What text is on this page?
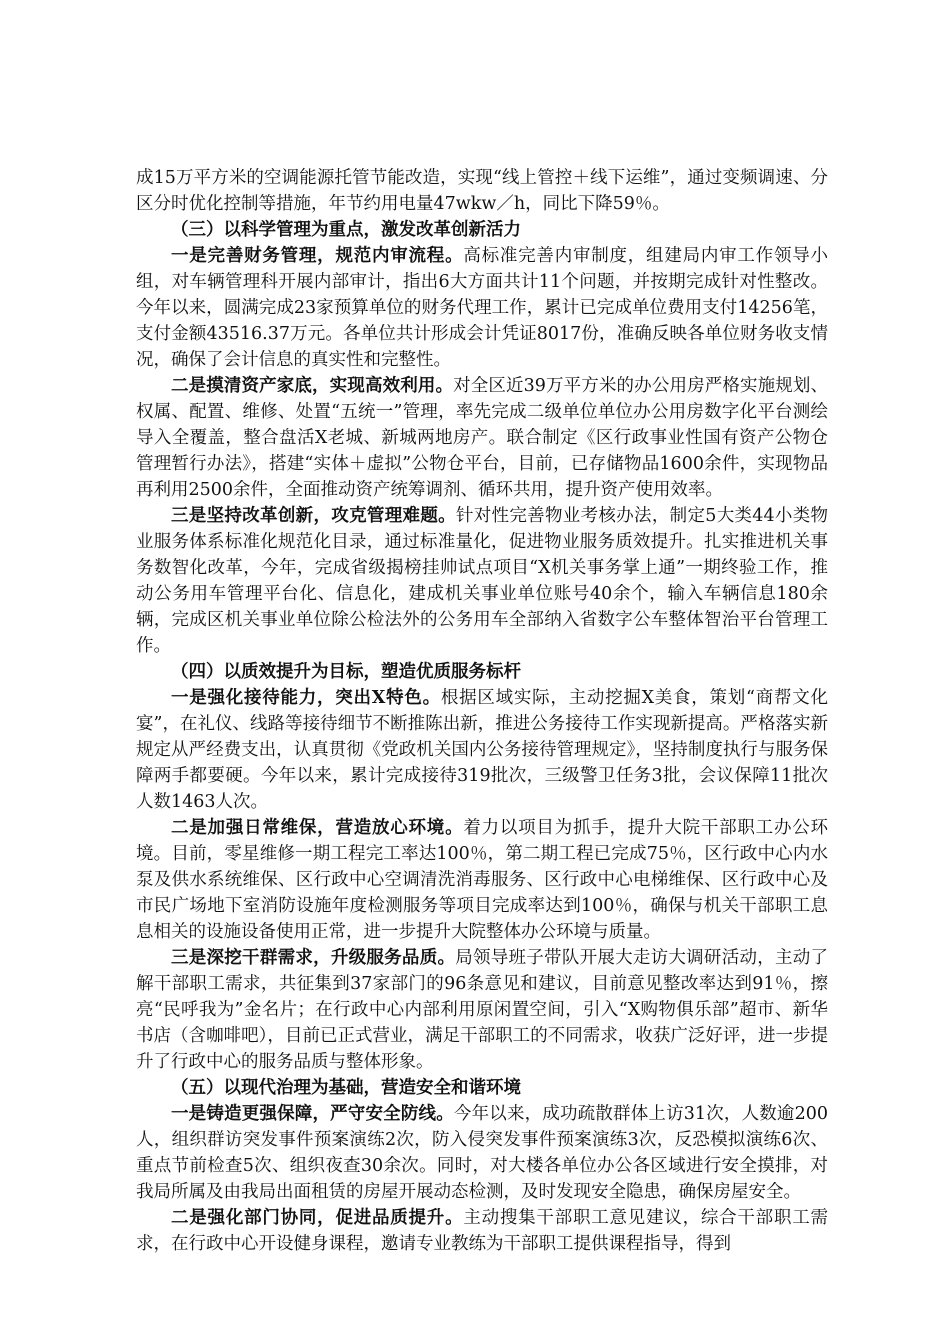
成15万平方米的空调能源托管节能改造，实现“线上管控＋线下运维”，通过变频调速、分区分时优化控制等措施，年节约用电量47wkw／h，同比下降59％。

（三）以科学管理为重点，激发改革创新活力

一是完善财务管理，规范内审流程。高标准完善内审制度，组建局内审工作领导小组，对车辆管理科开展内部审计，指出6大方面共计11个问题，并按期完成针对性整改。今年以来，圆满完成23家预算单位的财务代理工作，累计已完成单位费用支付14256笔，支付金额43516.37万元。各单位共计形成会计凭证8017份，准确反映各单位财务收支情况，确保了会计信息的真实性和完整性。

二是摸清资产家底，实现高效利用。对全区近39万平方米的办公用房严格实施规划、权属、配置、维修、处置“五统一”管理，率先完成二级单位单位办公用房数字化平台测绘导入全覆盖，整合盘活X老城、新城两地房产。联合制定《区行政事业性国有资产公物仓管理暂行办法》，搭建“实体＋虚拟”公物仓平台，目前，已存储物品1600余件，实现物品再利用2500余件，全面推动资产统筹调剂、循环共用，提升资产使用效率。

三是坚持改革创新，攻克管理难题。针对性完善物业考核办法，制定5大类44小类物业服务体系标准化规范化目录，通过标准量化，促进物业服务质效提升。扎实推进机关事务数智化改革，今年，完成省级揭榜挂帅试点项目“X机关事务掌上通”一期终验工作，推动公务用车管理平台化、信息化，建成机关事业单位账号40余个，输入车辆信息180余辆，完成区机关事业单位除公检法外的公务用车全部纳入省数字公车整体智治平台管理工作。

（四）以质效提升为目标，塑造优质服务标杆

一是强化接待能力，突出X特色。根据区域实际，主动挖掘X美食，策划“商帮文化宴”，在礼仪、线路等接待细节不断推陈出新，推进公务接待工作实现新提高。严格落实新规定从严经费支出，认真贯彻《党政机关国内公务接待管理规定》，坚持制度执行与服务保障两手都要硬。今年以来，累计完成接待319批次，三级警卫任务3批，会议保障11批次人数1463人次。

二是加强日常维保，营造放心环境。着力以项目为抓手，提升大院干部职工办公环境。目前，零星维修一期工程完工率达100％，第二期工程已完成75％，区行政中心内水泵及供水系统维保、区行政中心空调清洗消毒服务、区行政中心电梯维保、区行政中心及市民广场地下室消防设施年度检测服务等项目完成率达到100％，确保与机关干部职工息息相关的设施设备使用正常，进一步提升大院整体办公环境与质量。

三是深挖干群需求，升级服务品质。局领导班子带队开展大走访大调研活动，主动了解干部职工需求，共征集到37家部门的96条意见和建议，目前意见整改率达到91％，擦亮“民呼我为”金名片；在行政中心内部利用原闲置空间，引入“X购物俱乐部”超市、新华书店（含咖啡吧），目前已正式营业，满足干部职工的不同需求，收获广泛好评，进一步提升了行政中心的服务品质与整体形象。

（五）以现代治理为基础，营造安全和谐环境

一是铸造更强保障，严守安全防线。今年以来，成功疏散群体上访31次，人数逾200人，组织群访突发事件预案演练2次，防入侵突发事件预案演练3次，反恐模拟演练6次、重点节前检查5次、组织夜查30余次。同时，对大楼各单位办公各区域进行安全摸排，对我局所属及由我局出面租赁的房屋开展动态检测，及时发现安全隐患，确保房屋安全。

二是强化部门协同，促进品质提升。主动搜集干部职工意见建议，综合干部职工需求，在行政中心开设健身课程，邀请专业教练为干部职工提供课程指导，得到
